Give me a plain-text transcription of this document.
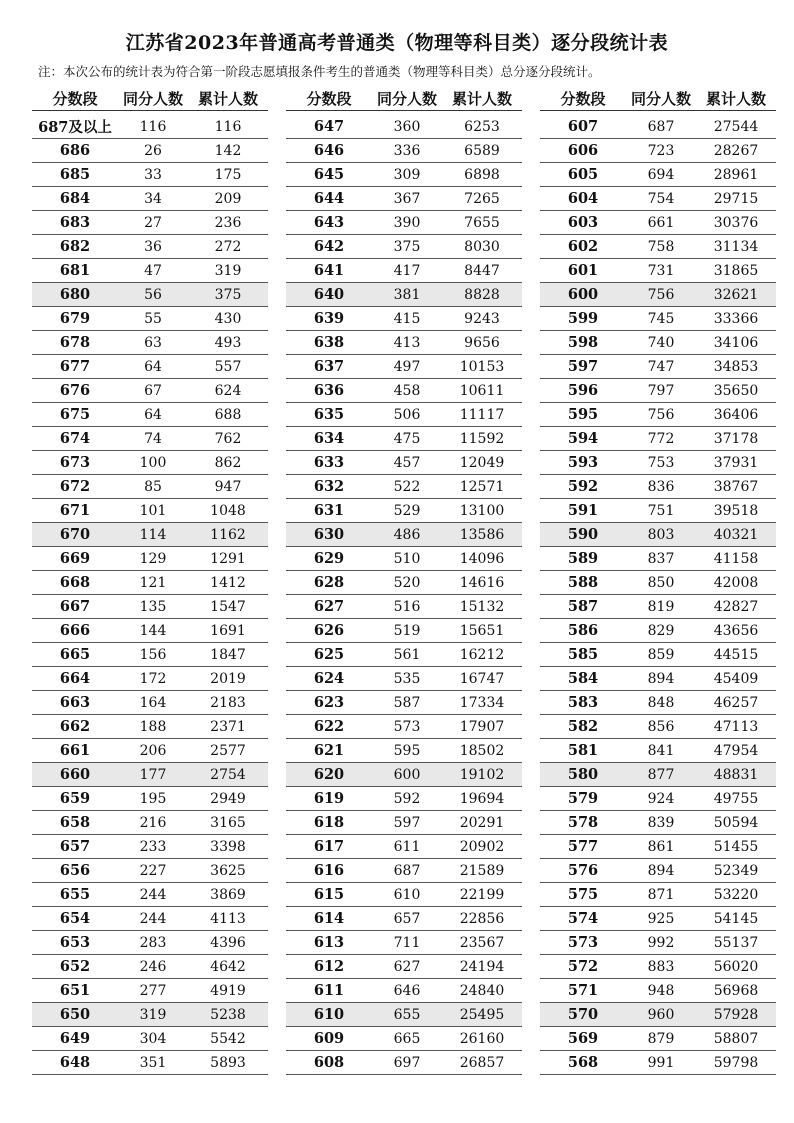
江苏省2023年普通高考普通类（物理等科目类）逐分段统计表
注：本次公布的统计表为符合第一阶段志愿填报条件考生的普通类（物理等科目类）总分逐分段统计。
分数段	同分人数 累计人数
687及以上	116	116
686	26	142
685	33	175
684	34	209
683	27	236
682	36	272
681	47	319
680	56	375
679	55	430
678	63	493
677	64	557
676	67	624
675	64	688
674	74	762
673	100	862
672	85	947
671	101	1048
670	114	1162
669	129	1291
668	121	1412
667	135	1547
666	144	1691
665	156	1847
664	172	2019
663	164	2183
662	188	2371
661	206	2577
660	177	2754
659	195	2949
658	216	3165
657	233	3398
656	227	3625
655	244	3869
654	244	4113
653	283	4396
652	246	4642
651	277	4919
650	319	5238
649	304	5542
648	351	5893
分数段	同分人数 累计人数
647	360	6253
646	336	6589
645	309	6898
644	367	7265
643	390	7655
642	375	8030
641	417	8447
640	381	8828
639	415	9243
638	413	9656
637	497	10153
636	458	10611
635	506	11117
634	475	11592
633	457	12049
632	522	12571
631	529	13100
630	486	13586
629	510	14096
628	520	14616
627	516	15132
626	519	15651
625	561	16212
624	535	16747
623	587	17334
622	573	17907
621	595	18502
620	600	19102
619	592	19694
618	597	20291
617	611	20902
616	687	21589
615	610	22199
614	657	22856
613	711	23567
612	627	24194
611	646	24840
610	655	25495
609	665	26160
608	697	26857
分数段	同分人数 累计人数
607	687	27544
606	723	28267
605	694	28961
604	754	29715
603	661	30376
602	758	31134
601	731	31865
600	756	32621
599	745	33366
598	740	34106
597	747	34853
596	797	35650
595	756	36406
594	772	37178
593	753	37931
592	836	38767
591	751	39518
590	803	40321
589	837	41158
588	850	42008
587	819	42827
586	829	43656
585	859	44515
584	894	45409
583	848	46257
582	856	47113
581	841	47954
580	877	48831
579	924	49755
578	839	50594
577	861	51455
576	894	52349
575	871	53220
574	925	54145
573	992	55137
572	883	56020
571	948	56968
570	960	57928
569	879	58807
568	991	59798
